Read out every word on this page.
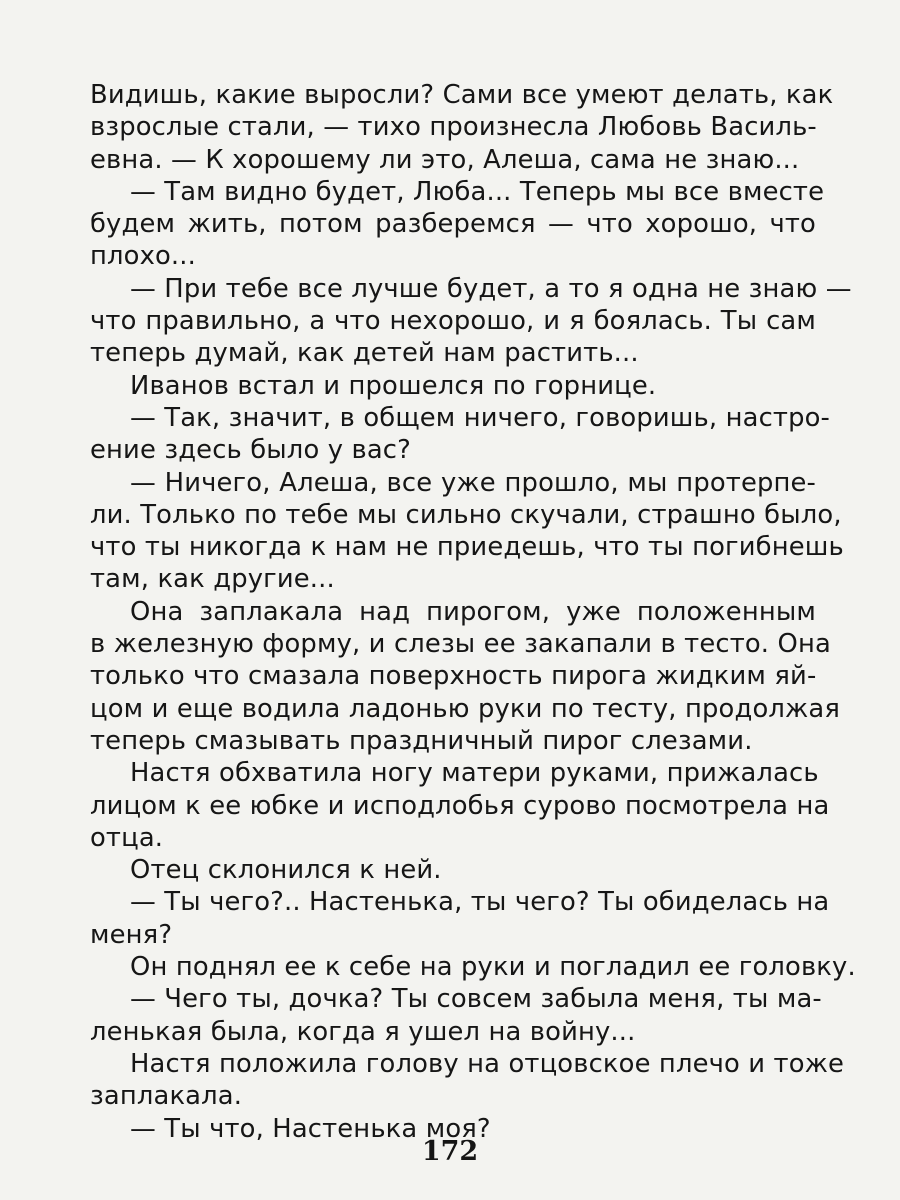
Видишь, какие выросли? Сами все умеют делать, как
взрослые стали, — тихо произнесла Любовь Василь-
евна. — К хорошему ли это, Алеша, сама не знаю...
— Там видно будет, Люба... Теперь мы все вместе
будем жить, потом разберемся — что хорошо, что
плохо...
— При тебе все лучше будет, а то я одна не знаю —
что правильно, а что нехорошо, и я боялась. Ты сам
теперь думай, как детей нам растить...
Иванов встал и прошелся по горнице.
— Так, значит, в общем ничего, говоришь, настро-
ение здесь было у вас?
— Ничего, Алеша, все уже прошло, мы протерпе-
ли. Только по тебе мы сильно скучали, страшно было,
что ты никогда к нам не приедешь, что ты погибнешь
там, как другие...
Она заплакала над пирогом, уже положенным
в железную форму, и слезы ее закапали в тесто. Она
только что смазала поверхность пирога жидким яй-
цом и еще водила ладонью руки по тесту, продолжая
теперь смазывать праздничный пирог слезами.
Настя обхватила ногу матери руками, прижалась
лицом к ее юбке и исподлобья сурово посмотрела на
отца.
Отец склонился к ней.
— Ты чего?.. Настенька, ты чего? Ты обиделась на
меня?
Он поднял ее к себе на руки и погладил ее головку.
— Чего ты, дочка? Ты совсем забыла меня, ты ма-
ленькая была, когда я ушел на войну...
Настя положила голову на отцовское плечо и тоже
заплакала.
— Ты что, Настенька моя?
172
